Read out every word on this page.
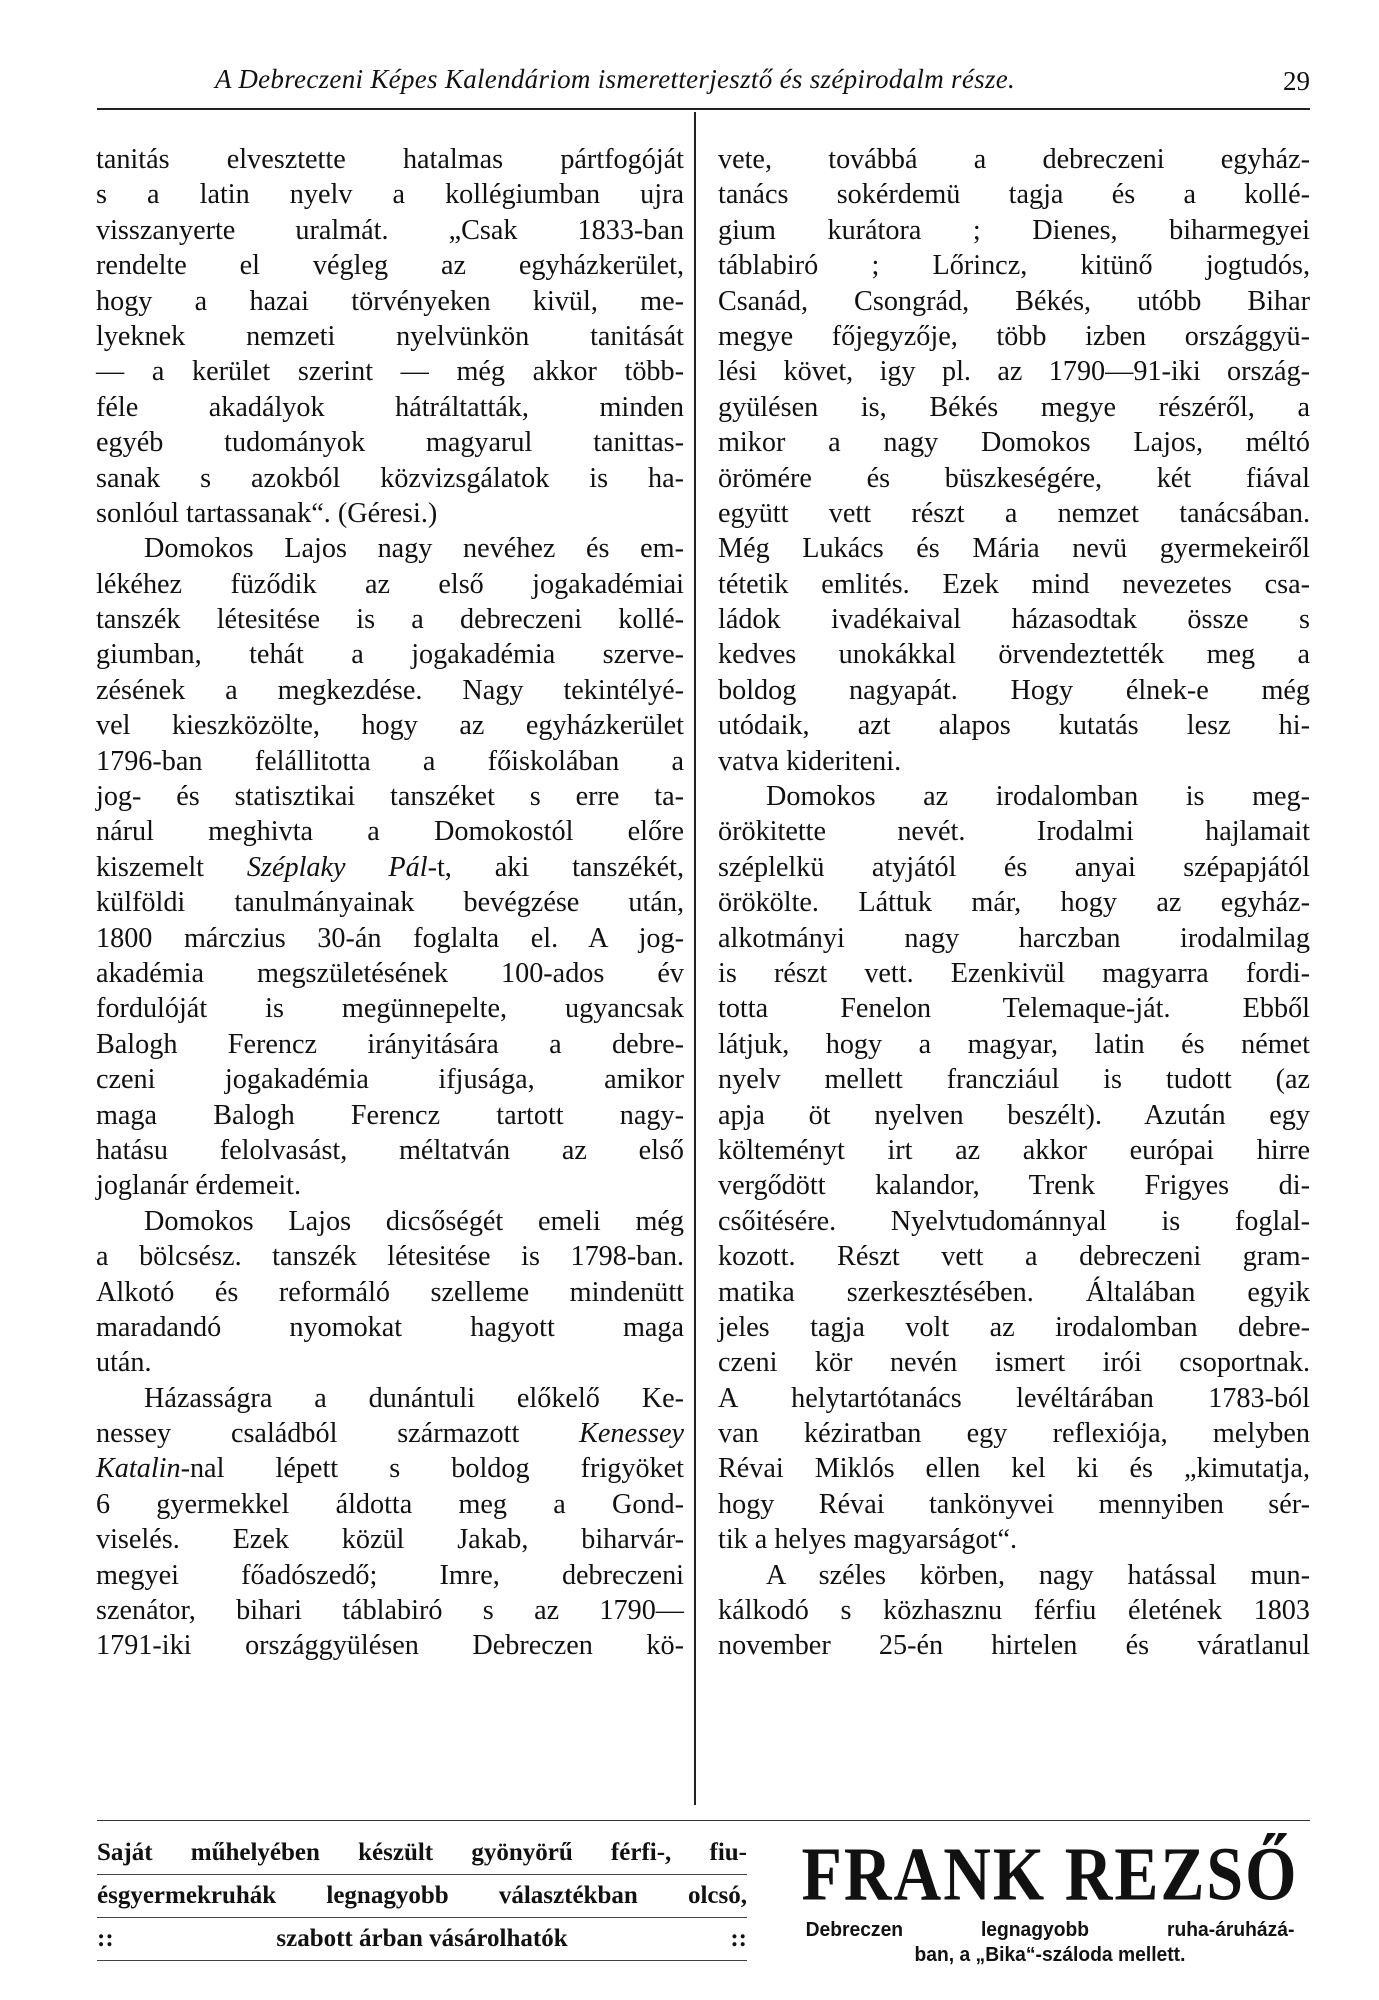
A Debreczeni Képes Kalendáriom ismeretterjesztő és szépirodalm része.	29
tanitás elvesztette hatalmas pártfogóját
s a latin nyelv a kollégiumban ujra
visszanyerte uralmát. „Csak 1833-ban
rendelte el végleg az egyházkerület,
hogy a hazai törvényeken kivül, me-
lyeknek nemzeti nyelvünkön tanitását
— a kerület szerint — még akkor több-
féle akadályok hátráltatták, minden
egyéb tudományok magyarul tanittas-
sanak s azokból közvizsgálatok is ha-
sonlóul tartassanak“. (Géresi.)
Domokos Lajos nagy nevéhez és em-
lékéhez füződik az első jogakadémiai
tanszék létesitése is a debreczeni kollé-
giumban, tehát a jogakadémia szerve-
zésének a megkezdése. Nagy tekintélyé-
vel kieszközölte, hogy az egyházkerület
1796-ban felállitotta a főiskolában a
jog- és statisztikai tanszéket s erre ta-
nárul meghivta a Domokostól előre
kiszemelt Széplaky Pál-t, aki tanszékét,
külföldi tanulmányainak bevégzése után,
1800 márczius 30-án foglalta el. A jog-
akadémia megszületésének 100-ados év
fordulóját is megünnepelte, ugyancsak
Balogh Ferencz irányitására a debre-
czeni jogakadémia ifjusága, amikor
maga Balogh Ferencz tartott nagy-
hatásu felolvasást, méltatván az első
joglanár érdemeit.
Domokos Lajos dicsőségét emeli még
a bölcsész. tanszék létesitése is 1798-ban.
Alkotó és reformáló szelleme mindenütt
maradandó nyomokat hagyott maga
után.
Házasságra a dunántuli előkelő Ke-
nessey családból származott Kenessey
Katalin-nal lépett s boldog frigyöket
6 gyermekkel áldotta meg a Gond-
viselés. Ezek közül Jakab, biharvár-
megyei főadószedő; Imre, debreczeni
szenátor, bihari táblabiró s az 1790—
1791-iki országgyülésen Debreczen kö-
vete, továbbá a debreczeni egyház-
tanács sokérdemü tagja és a kollé-
gium kurátora ; Dienes, biharmegyei
táblabiró ; Lőrincz, kitünő jogtudós,
Csanád, Csongrád, Békés, utóbb Bihar
megye főjegyzője, több izben országgyü-
lési követ, igy pl. az 1790—91-iki ország-
gyülésen is, Békés megye részéről, a
mikor a nagy Domokos Lajos, méltó
örömére és büszkeségére, két fiával
együtt vett részt a nemzet tanácsában.
Még Lukács és Mária nevü gyermekeiről
tétetik emlités. Ezek mind nevezetes csa-
ládok ivadékaival házasodtak össze s
kedves unokákkal örvendeztették meg a
boldog nagyapát. Hogy élnek-e még
utódaik, azt alapos kutatás lesz hi-
vatva kideriteni.
Domokos az irodalomban is meg-
örökitette nevét. Irodalmi hajlamait
széplelkü atyjától és anyai szépapjától
örökölte. Láttuk már, hogy az egyház-
alkotmányi nagy harczban irodalmilag
is részt vett. Ezenkivül magyarra fordi-
totta Fenelon Telemaque-ját. Ebből
látjuk, hogy a magyar, latin és német
nyelv mellett francziául is tudott (az
apja öt nyelven beszélt). Azután egy
költeményt irt az akkor európai hirre
vergődött kalandor, Trenk Frigyes di-
csőitésére. Nyelvtudománnyal is foglal-
kozott. Részt vett a debreczeni gram-
matika szerkesztésében. Általában egyik
jeles tagja volt az irodalomban debre-
czeni kör nevén ismert irói csoportnak.
A helytartótanács levéltárában 1783-ból
van kéziratban egy reflexiója, melyben
Révai Miklós ellen kel ki és „kimutatja,
hogy Révai tankönyvei mennyiben sér-
tik a helyes magyarságot“.
A széles körben, nagy hatással mun-
kálkodó s közhasznu férfiu életének 1803
november 25-én hirtelen és váratlanul
Saját műhelyében készült gyönyörű férfi-, fiu-
ésgyermekruhák legnagyobb választékban olcsó,
::	szabott árban vásárolhatók	::
FRANK REZSŐ
Debreczen legnagyobb ruha-áruházá-
ban, a „Bika“-száloda mellett.
